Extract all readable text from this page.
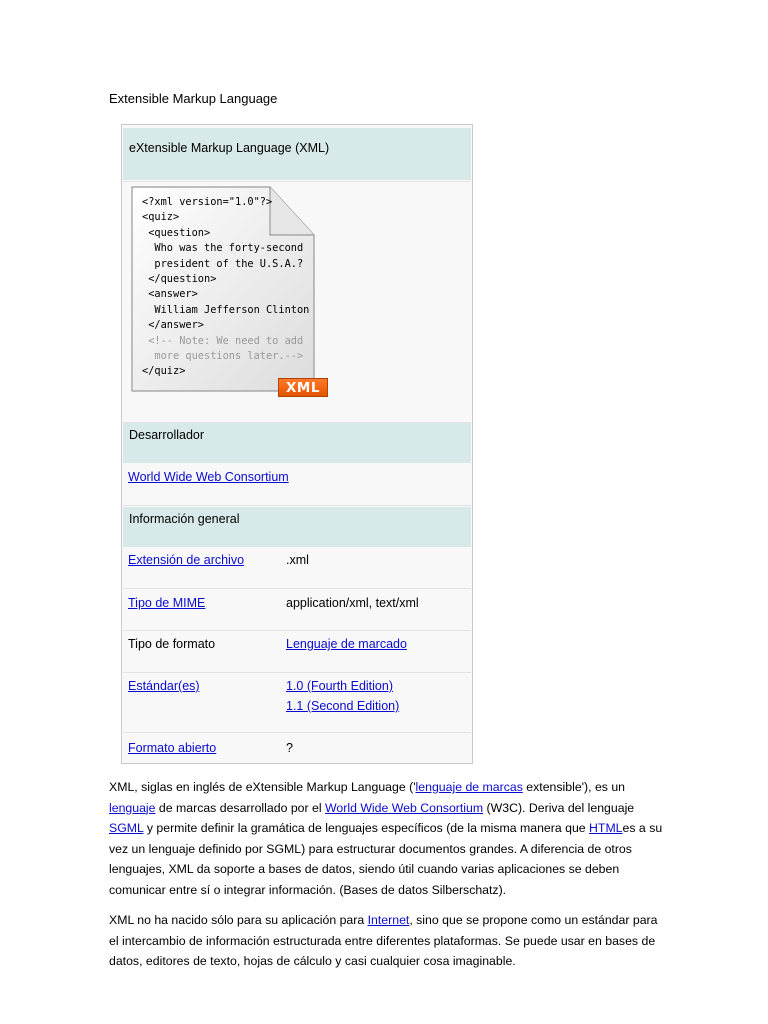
Extensible Markup Language
eXtensible Markup Language (XML)
<?xml version="1.0"?>
<quiz>
<question>
Who was the forty-second
president of the U.S.A.?
</question>
<answer>
William Jefferson Clinton
</answer>
<!-- Note: We need to add
more questions later.-->
</quiz>
XML
Desarrollador
World Wide Web Consortium
Información general
Extensión de archivo	.xml
Tipo de MIME	application/xml, text/xml
Tipo de formato	Lenguaje de marcado
Estándar(es)	1.0 (Fourth Edition)
1.1 (Second Edition)
Formato abierto	?

XML, siglas en inglés de eXtensible Markup Language ('lenguaje de marcas extensible'), es un lenguaje de marcas desarrollado por el World Wide Web Consortium (W3C). Deriva del lenguaje SGML y permite definir la gramática de lenguajes específicos (de la misma manera que HTMLes a su vez un lenguaje definido por SGML) para estructurar documentos grandes. A diferencia de otros lenguajes, XML da soporte a bases de datos, siendo útil cuando varias aplicaciones se deben comunicar entre sí o integrar información. (Bases de datos Silberschatz).

XML no ha nacido sólo para su aplicación para Internet, sino que se propone como un estándar para el intercambio de información estructurada entre diferentes plataformas. Se puede usar en bases de datos, editores de texto, hojas de cálculo y casi cualquier cosa imaginable.
